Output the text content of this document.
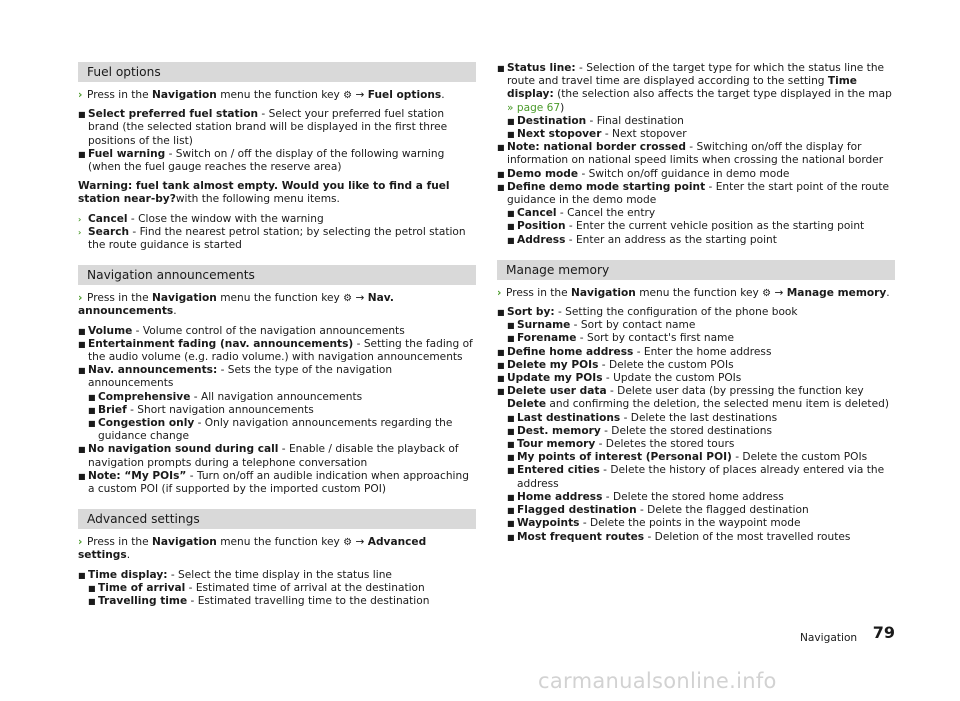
Fuel options

› Press in the Navigation menu the function key ⚙ → Fuel options.

■ Select preferred fuel station - Select your preferred fuel station brand (the selected station brand will be displayed in the first three positions of the list)
■ Fuel warning - Switch on / off the display of the following warning (when the fuel gauge reaches the reserve area)

Warning: fuel tank almost empty. Would you like to find a fuel station near-by?with the following menu items.

› Cancel - Close the window with the warning
› Search - Find the nearest petrol station; by selecting the petrol station the route guidance is started
Navigation announcements

› Press in the Navigation menu the function key ⚙ → Nav. announcements.

■ Volume - Volume control of the navigation announcements
■ Entertainment fading (nav. announcements) - Setting the fading of the audio volume (e.g. radio volume.) with navigation announcements
■ Nav. announcements: - Sets the type of the navigation announcements
■ Comprehensive - All navigation announcements
■ Brief - Short navigation announcements
■ Congestion only - Only navigation announcements regarding the guidance change
■ No navigation sound during call - Enable / disable the playback of navigation prompts during a telephone conversation
■ Note: “My POIs” - Turn on/off an audible indication when approaching a custom POI (if supported by the imported custom POI)
Advanced settings

› Press in the Navigation menu the function key ⚙ → Advanced settings.

■ Time display: - Select the time display in the status line
■ Time of arrival - Estimated time of arrival at the destination
■ Travelling time - Estimated travelling time to the destination
■ Status line: - Selection of the target type for which the status line the route and travel time are displayed according to the setting Time display: (the selection also affects the target type displayed in the map » page 67)
■ Destination - Final destination
■ Next stopover - Next stopover
■ Note: national border crossed - Switching on/off the display for information on national speed limits when crossing the national border
■ Demo mode - Switch on/off guidance in demo mode
■ Define demo mode starting point - Enter the start point of the route guidance in the demo mode
■ Cancel - Cancel the entry
■ Position - Enter the current vehicle position as the starting point
■ Address - Enter an address as the starting point
Manage memory

› Press in the Navigation menu the function key ⚙ → Manage memory.

■ Sort by: - Setting the configuration of the phone book
■ Surname - Sort by contact name
■ Forename - Sort by contact's first name
■ Define home address - Enter the home address
■ Delete my POIs - Delete the custom POIs
■ Update my POIs - Update the custom POIs
■ Delete user data - Delete user data (by pressing the function key Delete and confirming the deletion, the selected menu item is deleted)
■ Last destinations - Delete the last destinations
■ Dest. memory - Delete the stored destinations
■ Tour memory - Deletes the stored tours
■ My points of interest (Personal POI) - Delete the custom POIs
■ Entered cities - Delete the history of places already entered via the address
■ Home address - Delete the stored home address
■ Flagged destination - Delete the flagged destination
■ Waypoints - Delete the points in the waypoint mode
■ Most frequent routes - Deletion of the most travelled routes
Navigation 79
carmanualsonline.info
